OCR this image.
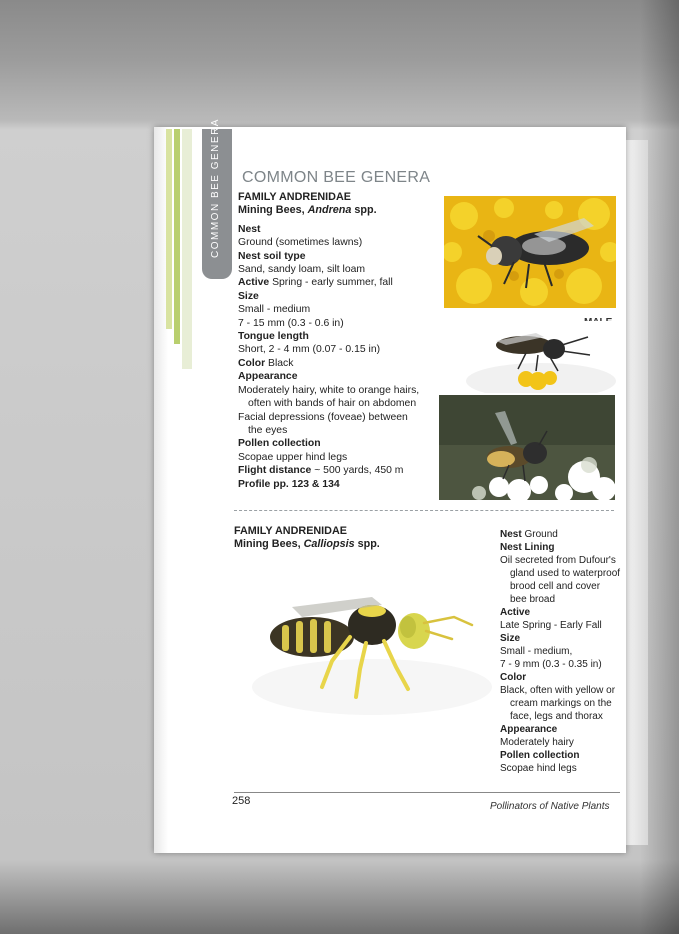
COMMON BEE GENERA COMMON BEE GENERA
FAMILY ANDRENIDAE
Mining Bees, Andrena spp.
Nest
Ground (sometimes lawns)
Nest soil type
Sand, sandy loam, silt loam
Active Spring - early summer, fall
Size
Small - medium
7 - 15 mm (0.3 - 0.6 in)
Tongue length
Short, 2 - 4 mm (0.07 - 0.15 in)
Color Black
Appearance
Moderately hairy, white to orange hairs,
often with bands of hair on abdomen
Facial depressions (foveae) between
the eyes
Pollen collection
Scopae upper hind legs
Flight distance ~ 500 yards, 450 m
Profile pp. 123 & 134
FAMILY ANDRENIDAE
Mining Bees, Calliopsis spp.
Nest Ground
Nest Lining
Oil secreted from Dufour's
gland used to waterproof
brood cell and cover
bee broad
Active
Late Spring - Early Fall
Size
Small - medium,
7 - 9 mm (0.3 - 0.35 in)
Color
Black, often with yellow or
cream markings on the
face, legs and thorax
Appearance
Moderately hairy
Pollen collection
Scopae hind legs
258	Pollinators of Native Plants
